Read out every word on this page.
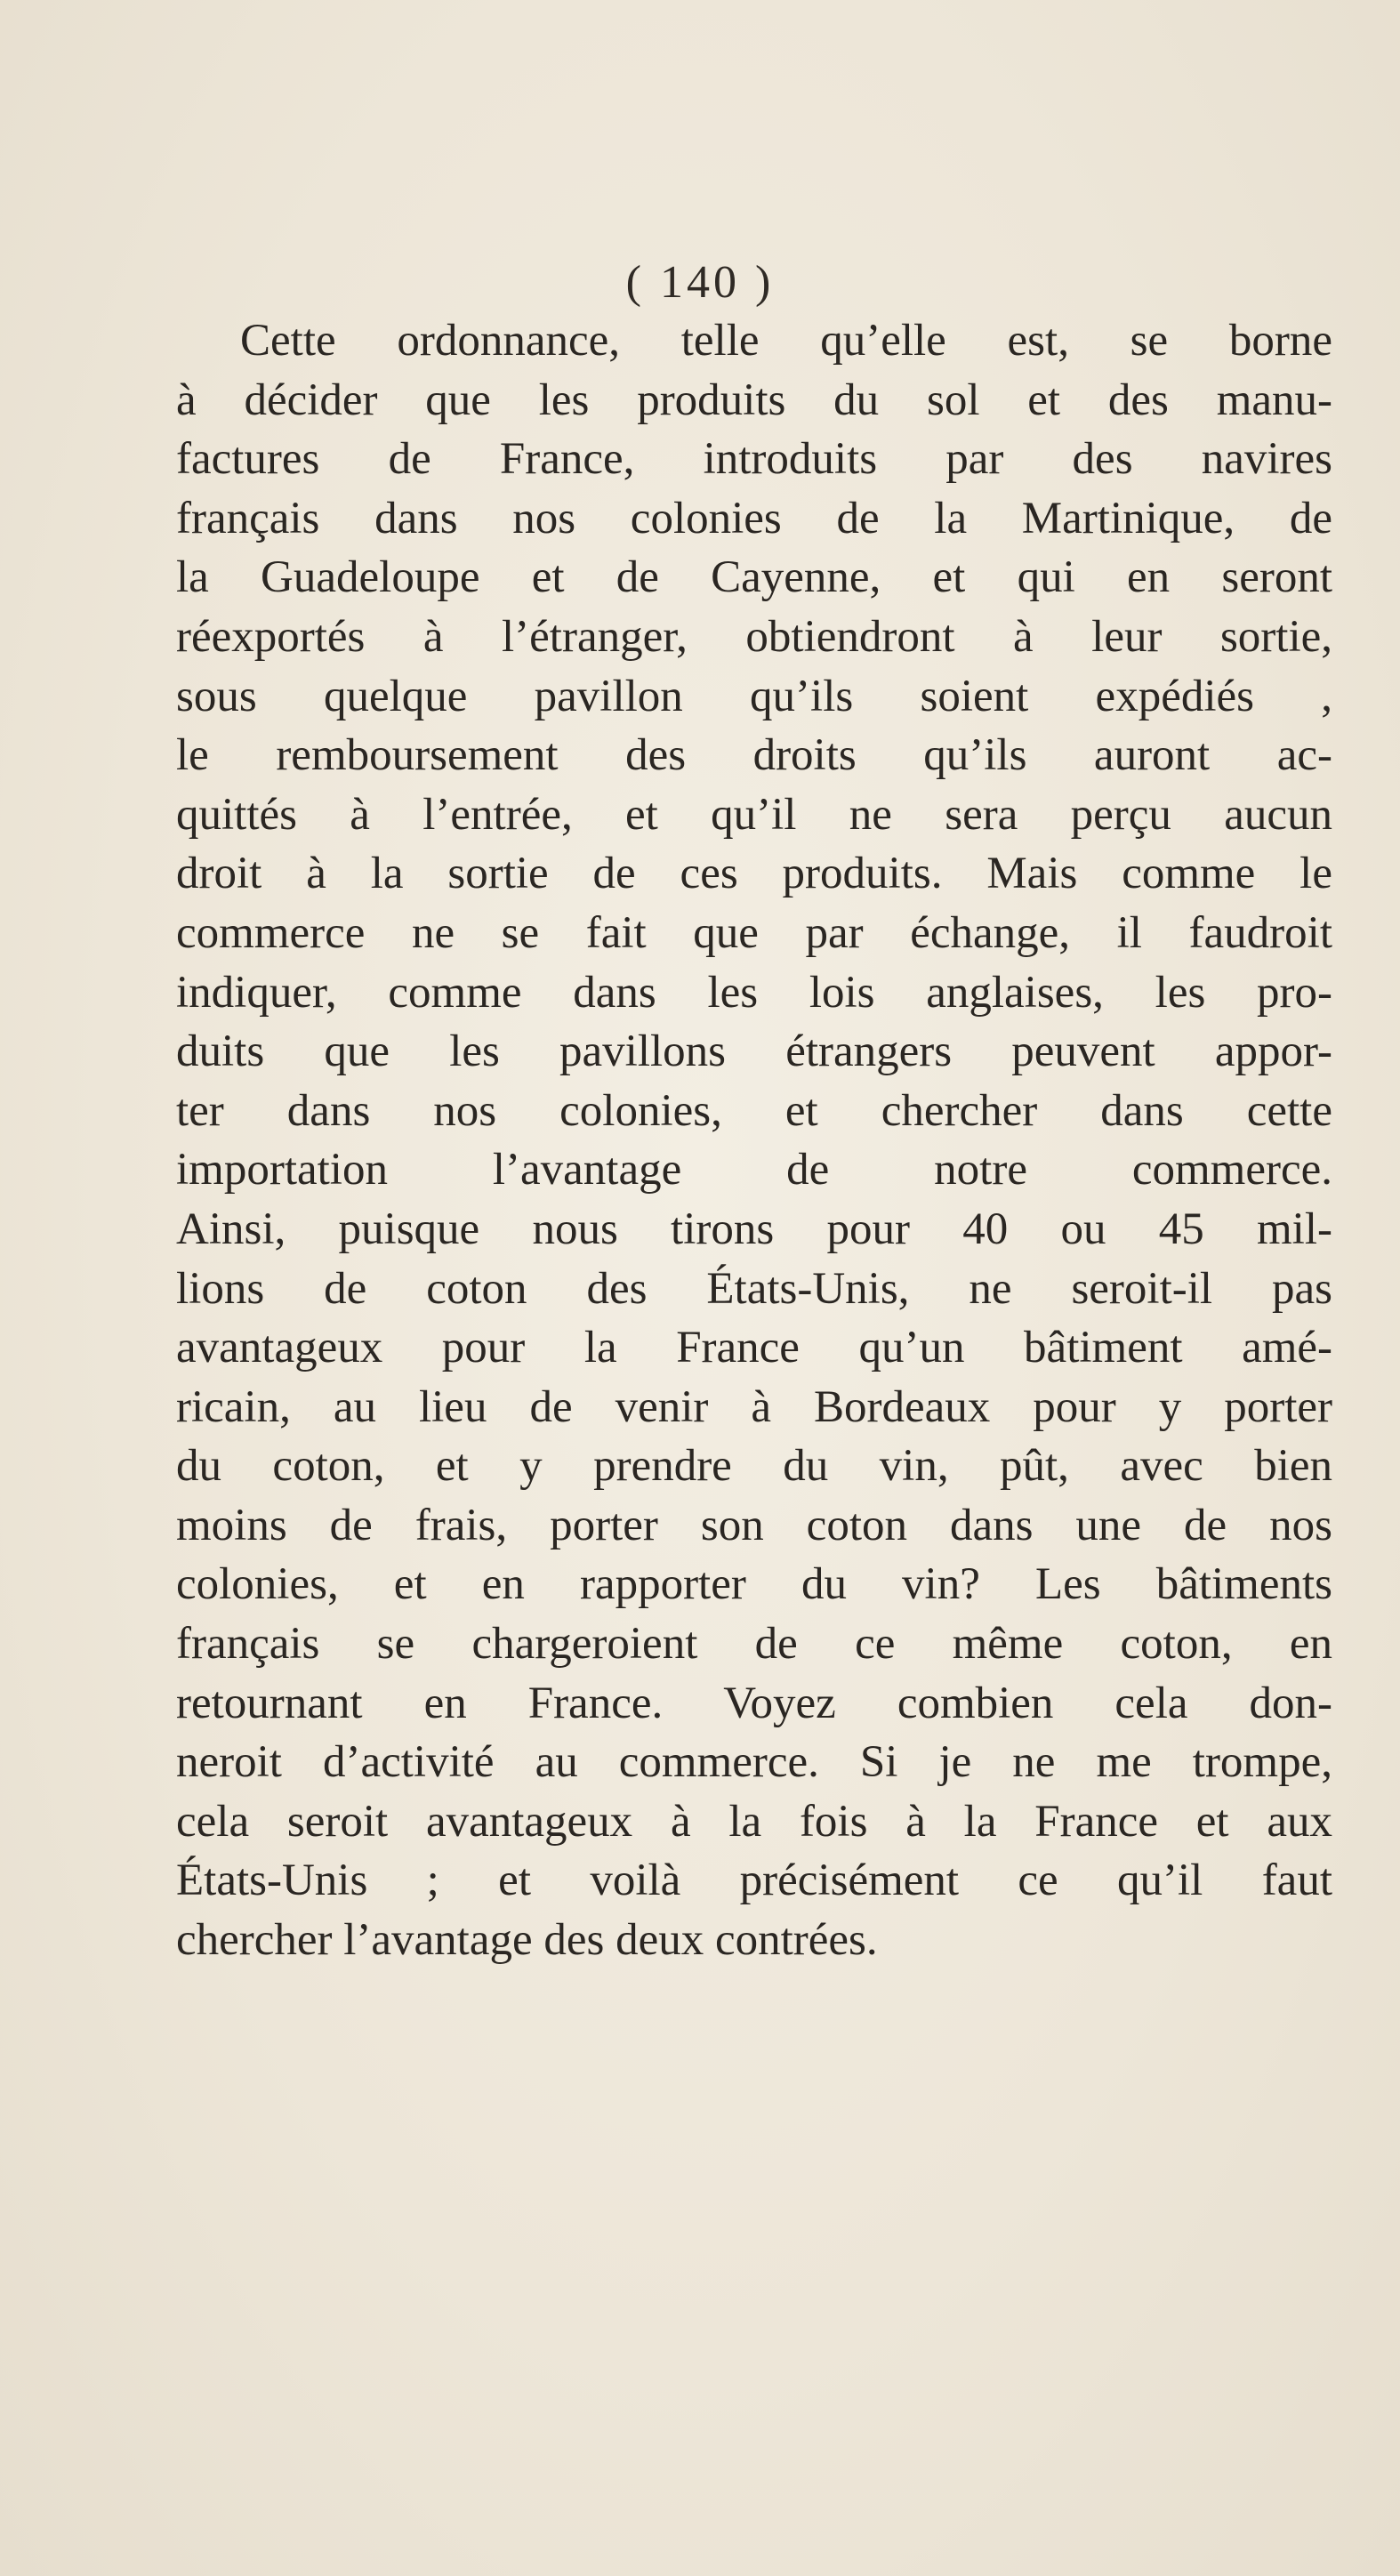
( 140 )
Cette ordonnance, telle qu’elle est, se borne
à décider que les produits du sol et des manu-
factures de France, introduits par des navires
français dans nos colonies de la Martinique, de
la Guadeloupe et de Cayenne, et qui en seront
réexportés à l’étranger, obtiendront à leur sortie,
sous quelque pavillon qu’ils soient expédiés ,
le remboursement des droits qu’ils auront ac-
quittés à l’entrée, et qu’il ne sera perçu aucun
droit à la sortie de ces produits. Mais comme le
commerce ne se fait que par échange, il faudroit
indiquer, comme dans les lois anglaises, les pro-
duits que les pavillons étrangers peuvent appor-
ter dans nos colonies, et chercher dans cette
importation l’avantage de notre commerce.
Ainsi, puisque nous tirons pour 40 ou 45 mil-
lions de coton des États-Unis, ne seroit-il pas
avantageux pour la France qu’un bâtiment amé-
ricain, au lieu de venir à Bordeaux pour y porter
du coton, et y prendre du vin, pût, avec bien
moins de frais, porter son coton dans une de nos
colonies, et en rapporter du vin? Les bâtiments
français se chargeroient de ce même coton, en
retournant en France. Voyez combien cela don-
neroit d’activité au commerce. Si je ne me trompe,
cela seroit avantageux à la fois à la France et aux
États-Unis ; et voilà précisément ce qu’il faut
chercher l’avantage des deux contrées.
